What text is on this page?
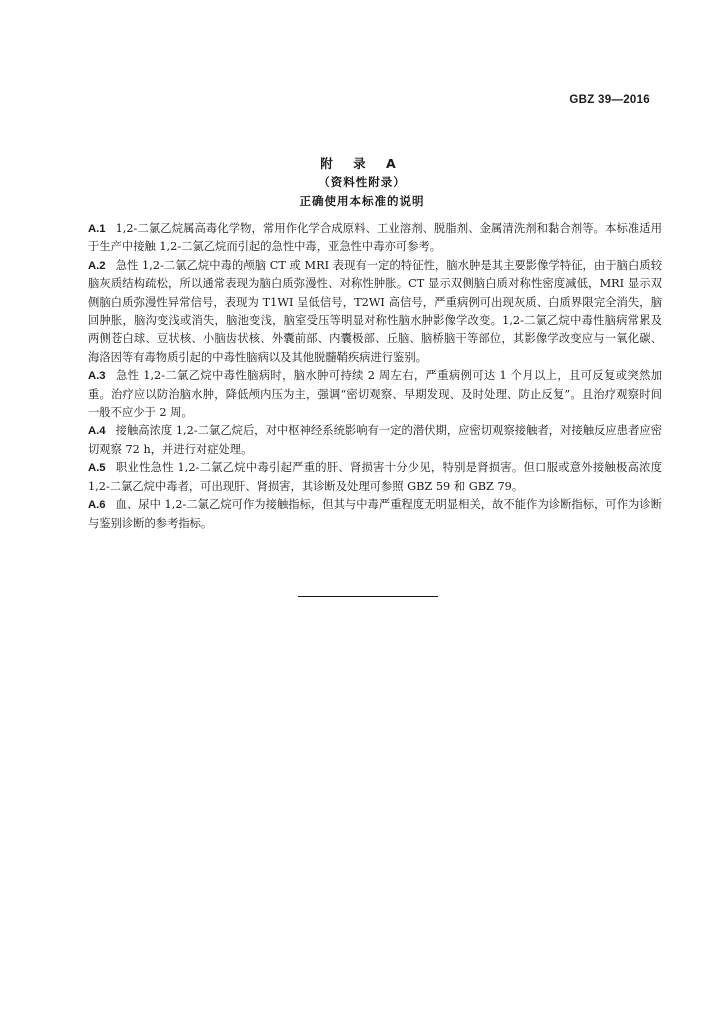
GBZ 39—2016
附 录 A
（资料性附录）
正确使用本标准的说明

A.1 1,2-二氯乙烷属高毒化学物，常用作化学合成原料、工业溶剂、脱脂剂、金属清洗剂和黏合剂等。本标准适用于生产中接触 1,2-二氯乙烷而引起的急性中毒，亚急性中毒亦可参考。

A.2 急性 1,2-二氯乙烷中毒的颅脑 CT 或 MRI 表现有一定的特征性，脑水肿是其主要影像学特征，由于脑白质较脑灰质结构疏松，所以通常表现为脑白质弥漫性、对称性肿胀。CT 显示双侧脑白质对称性密度减低，MRI 显示双侧脑白质弥漫性异常信号，表现为 T1WI 呈低信号，T2WI 高信号，严重病例可出现灰质、白质界限完全消失，脑回肿胀，脑沟变浅或消失，脑池变浅，脑室受压等明显对称性脑水肿影像学改变。1,2-二氯乙烷中毒性脑病常累及两侧苍白球、豆状核、小脑齿状核、外囊前部、内囊极部、丘脑、脑桥脑干等部位，其影像学改变应与一氧化碳、海洛因等有毒物质引起的中毒性脑病以及其他脱髓鞘疾病进行鉴别。

A.3 急性 1,2-二氯乙烷中毒性脑病时，脑水肿可持续 2 周左右，严重病例可达 1 个月以上，且可反复或突然加重。治疗应以防治脑水肿，降低颅内压为主，强调“密切观察、早期发现、及时处理、防止反复”。且治疗观察时间一般不应少于 2 周。

A.4 接触高浓度 1,2-二氯乙烷后，对中枢神经系统影响有一定的潜伏期，应密切观察接触者，对接触反应患者应密切观察 72 h，并进行对症处理。

A.5 职业性急性 1,2-二氯乙烷中毒引起严重的肝、肾损害十分少见，特别是肾损害。但口服或意外接触极高浓度 1,2-二氯乙烷中毒者，可出现肝、肾损害，其诊断及处理可参照 GBZ 59 和 GBZ 79。

A.6 血、尿中 1,2-二氯乙烷可作为接触指标，但其与中毒严重程度无明显相关，故不能作为诊断指标，可作为诊断与鉴别诊断的参考指标。
